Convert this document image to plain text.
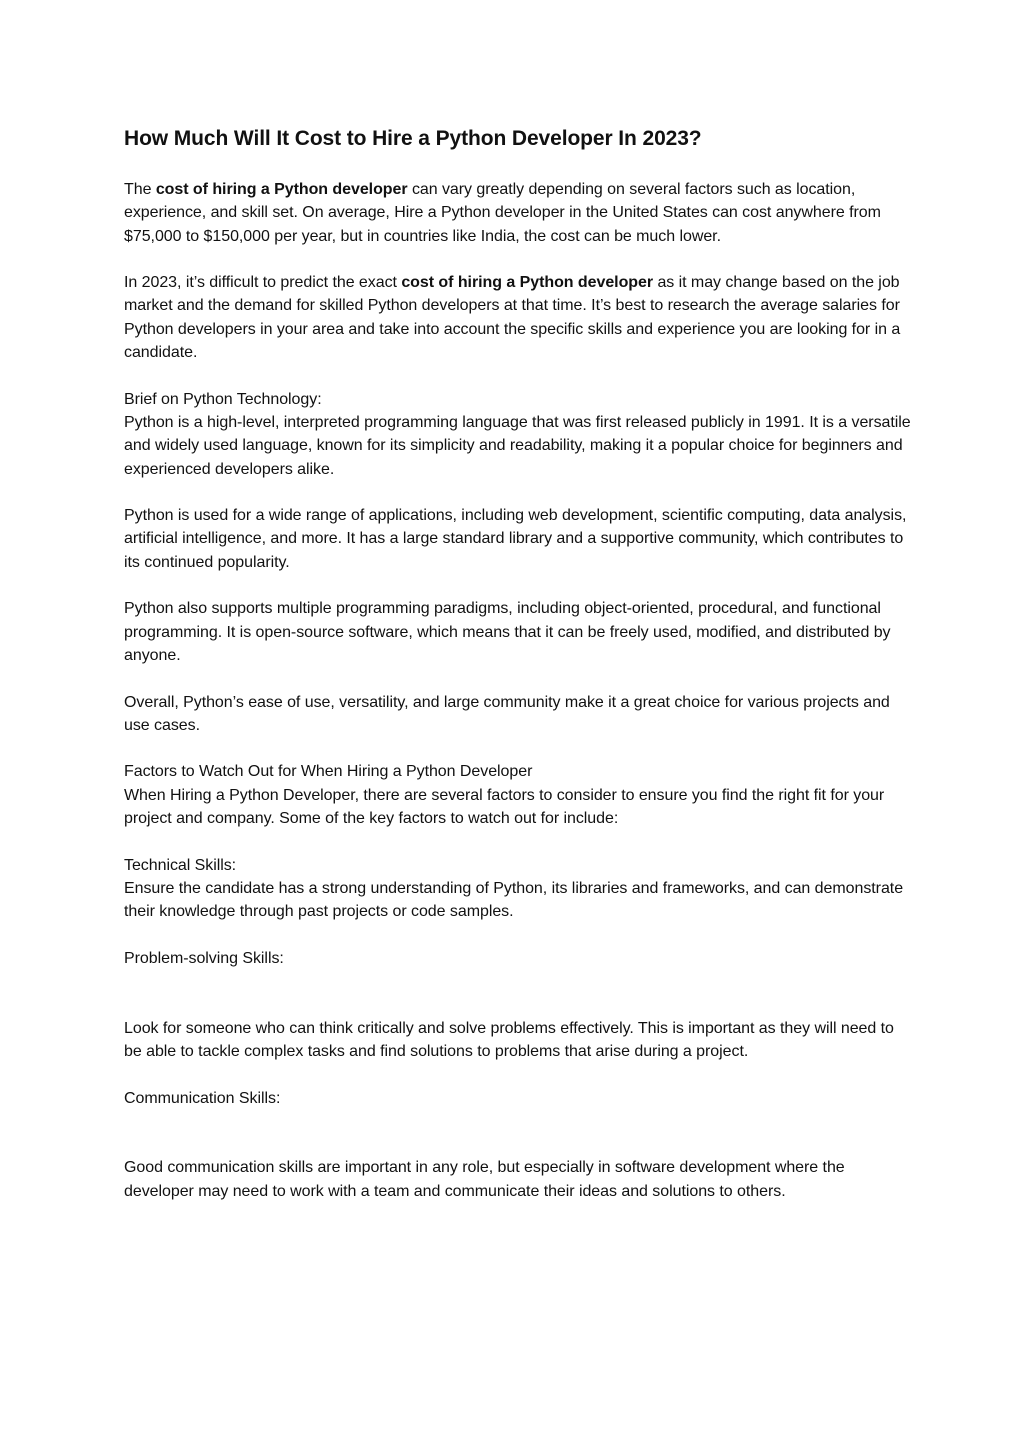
How Much Will It Cost to Hire a Python Developer In 2023?

The cost of hiring a Python developer can vary greatly depending on several factors such as location, experience, and skill set. On average, Hire a Python developer in the United States can cost anywhere from $75,000 to $150,000 per year, but in countries like India, the cost can be much lower.

In 2023, it’s difficult to predict the exact cost of hiring a Python developer as it may change based on the job market and the demand for skilled Python developers at that time. It’s best to research the average salaries for Python developers in your area and take into account the specific skills and experience you are looking for in a candidate.

Brief on Python Technology:

Python is a high-level, interpreted programming language that was first released publicly in 1991. It is a versatile and widely used language, known for its simplicity and readability, making it a popular choice for beginners and experienced developers alike.

Python is used for a wide range of applications, including web development, scientific computing, data analysis, artificial intelligence, and more. It has a large standard library and a supportive community, which contributes to its continued popularity.

Python also supports multiple programming paradigms, including object-oriented, procedural, and functional programming. It is open-source software, which means that it can be freely used, modified, and distributed by anyone.

Overall, Python’s ease of use, versatility, and large community make it a great choice for various projects and use cases.

Factors to Watch Out for When Hiring a Python Developer

When Hiring a Python Developer, there are several factors to consider to ensure you find the right fit for your project and company. Some of the key factors to watch out for include:

Technical Skills:

Ensure the candidate has a strong understanding of Python, its libraries and frameworks, and can demonstrate their knowledge through past projects or code samples.

Problem-solving Skills:

Look for someone who can think critically and solve problems effectively. This is important as they will need to be able to tackle complex tasks and find solutions to problems that arise during a project.

Communication Skills:

Good communication skills are important in any role, but especially in software development where the developer may need to work with a team and communicate their ideas and solutions to others.
